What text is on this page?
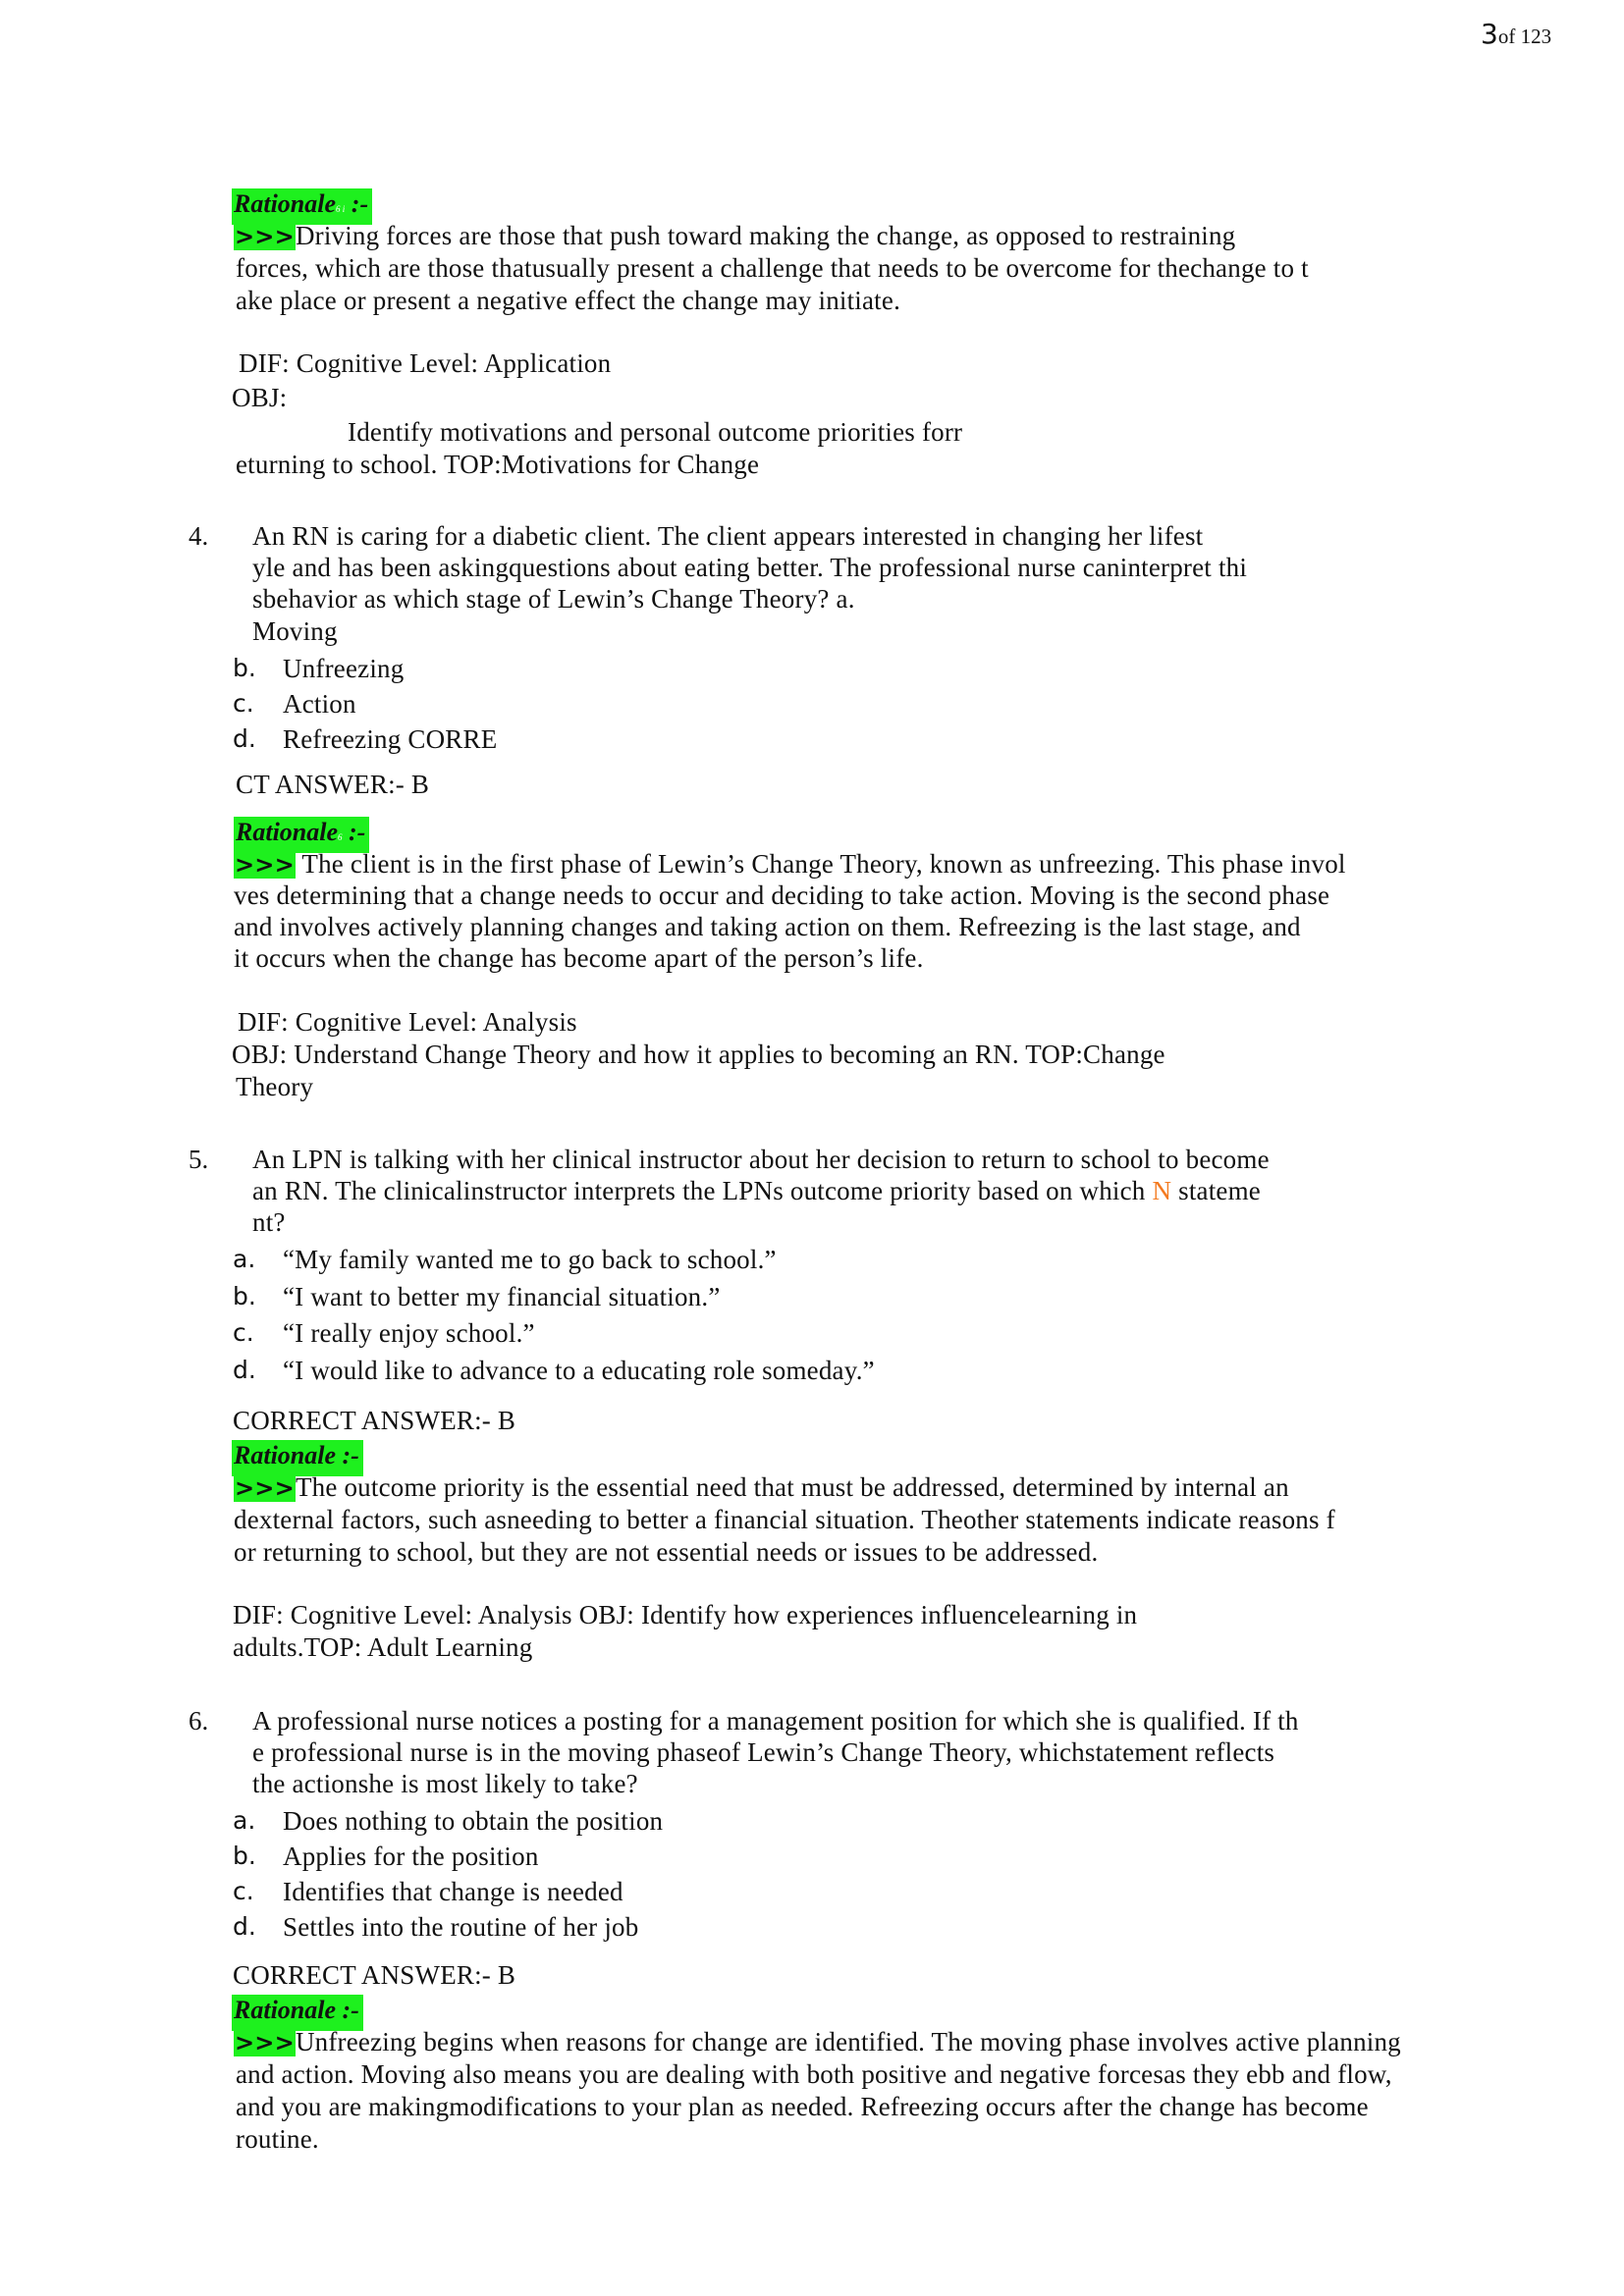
3of 123
Rationale6 i :-
>>>Driving forces are those that push toward making the change, as opposed to restraining
forces, which are those thatusually present a challenge that needs to be overcome for thechange to t
ake place or present a negative effect the change may initiate.
DIF: Cognitive Level: Application
OBJ:
Identify motivations and personal outcome priorities forr
eturning to school. TOP:Motivations for Change
4. An RN is caring for a diabetic client. The client appears interested in changing her lifest
yle and has been askingquestions about eating better. The professional nurse caninterpret thi
sbehavior as which stage of Lewin’s Change Theory? a.
Moving
b. Unfreezing
c. Action
d. Refreezing CORRE
CT ANSWER:- B
Rationale6 :-
>>> The client is in the first phase of Lewin’s Change Theory, known as unfreezing. This phase invol
ves determining that a change needs to occur and deciding to take action. Moving is the second phase
and involves actively planning changes and taking action on them. Refreezing is the last stage, and
it occurs when the change has become apart of the person’s life.
DIF: Cognitive Level: Analysis
OBJ: Understand Change Theory and how it applies to becoming an RN. TOP:Change
Theory
5. An LPN is talking with her clinical instructor about her decision to return to school to become
an RN. The clinicalinstructor interprets the LPNs outcome priority based on which N stateme
nt?
a. “My family wanted me to go back to school.”
b. “I want to better my financial situation.”
c. “I really enjoy school.”
d. “I would like to advance to a educating role someday.”
CORRECT ANSWER:- B
Rationale :-
>>>The outcome priority is the essential need that must be addressed, determined by internal an
dexternal factors, such asneeding to better a financial situation. Theother statements indicate reasons f
or returning to school, but they are not essential needs or issues to be addressed.
DIF: Cognitive Level: Analysis OBJ: Identify how experiences influencelearning in
adults.TOP: Adult Learning
6. A professional nurse notices a posting for a management position for which she is qualified. If th
e professional nurse is in the moving phaseof Lewin’s Change Theory, whichstatement reflects
the actionshe is most likely to take?
a. Does nothing to obtain the position
b. Applies for the position
c. Identifies that change is needed
d. Settles into the routine of her job
CORRECT ANSWER:- B
Rationale :-
>>>Unfreezing begins when reasons for change are identified. The moving phase involves active planning
and action. Moving also means you are dealing with both positive and negative forcesas they ebb and flow,
and you are makingmodifications to your plan as needed. Refreezing occurs after the change has become
routine.
